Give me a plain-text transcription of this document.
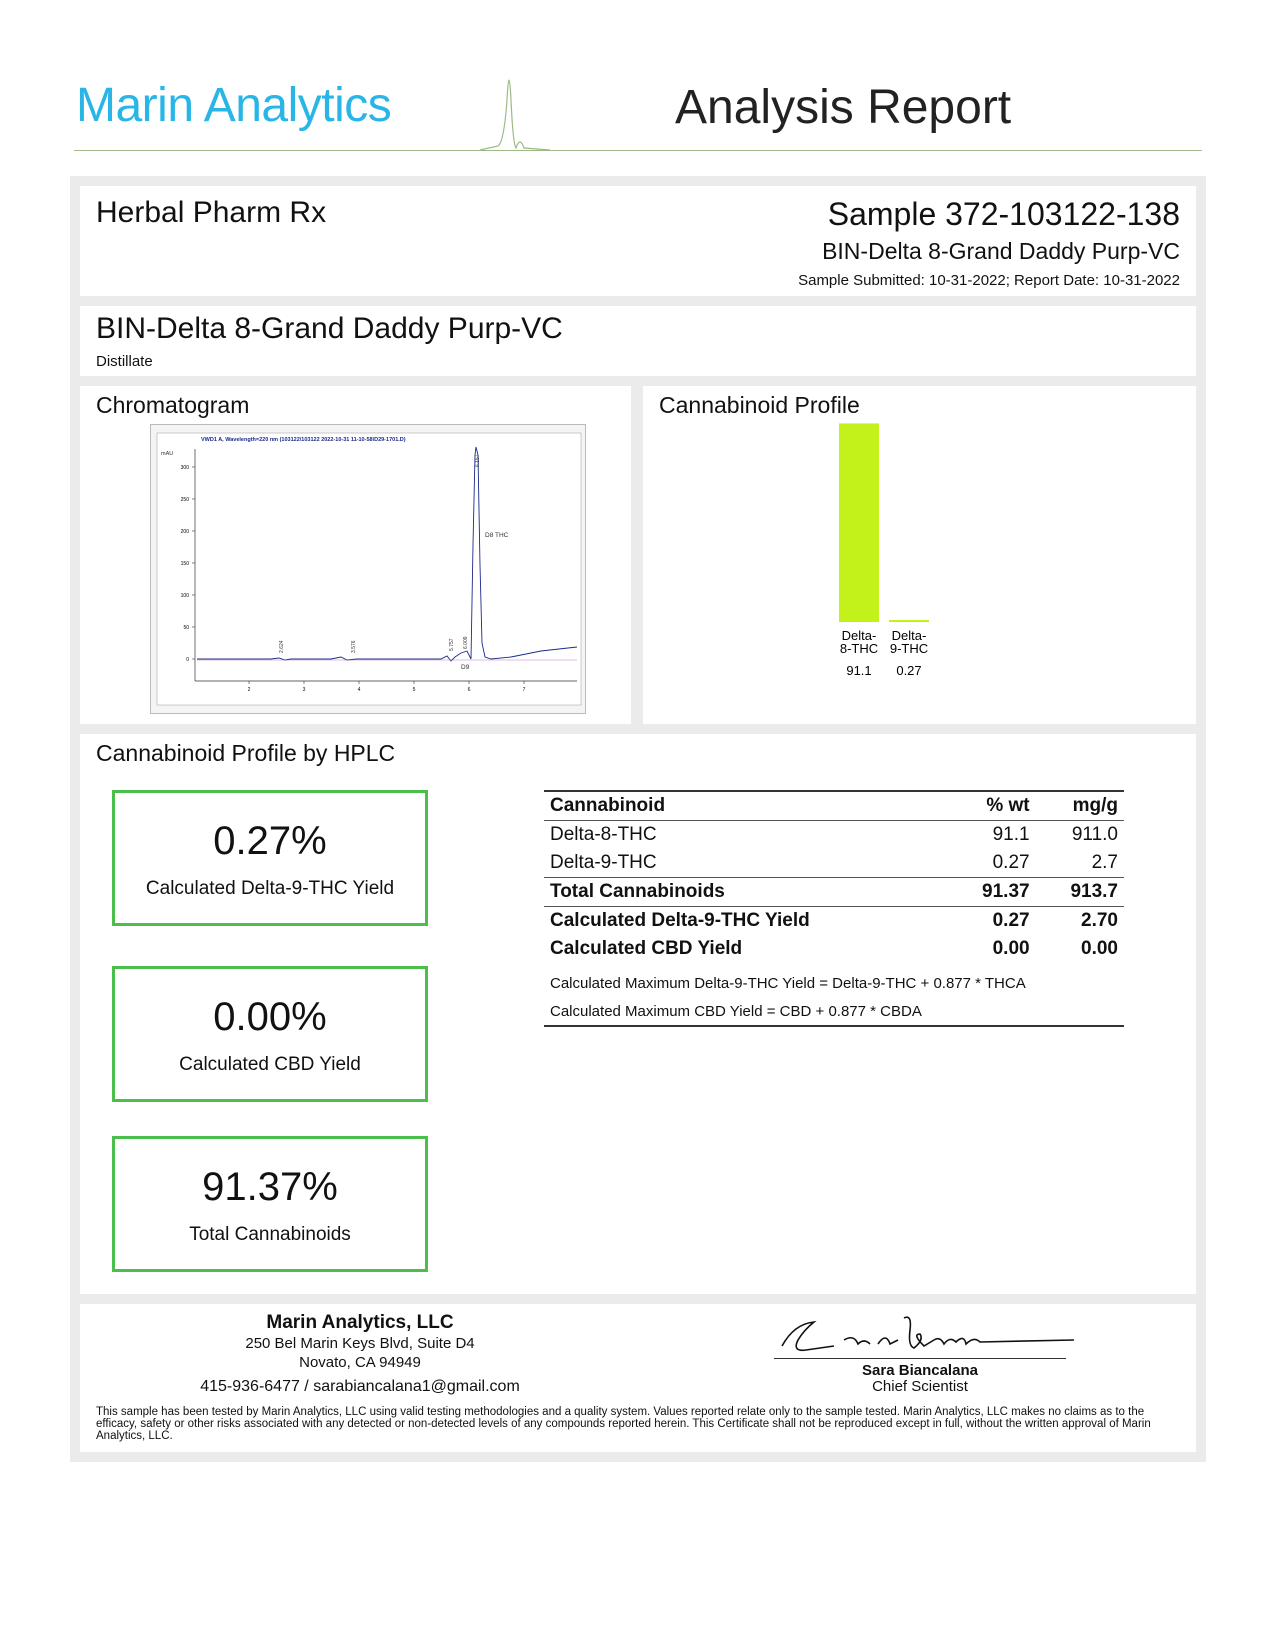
Marin Analytics	Analysis Report
Herbal Pharm Rx	Sample 372-103122-138
BIN-Delta 8-Grand Daddy Purp-VC
Sample Submitted: 10-31-2022; Report Date: 10-31-2022
BIN-Delta 8-Grand Daddy Purp-VC
Distillate
Chromatogram
VWD1 A, Wavelength=220 nm (103122\103122 2022-10-31 11-10-58\D29-1701.D)
mAU
300
250
200
150
100
50
0
2	3	4	5	6	7
D8 THC
D9
2.624	3.576	5.757 6.009
6.157
Cannabinoid Profile
Delta-
8-THC
91.1
Delta-
9-THC
0.27
Cannabinoid Profile by HPLC
0.27%
Calculated Delta-9-THC Yield
0.00%
Calculated CBD Yield
91.37%
Total Cannabinoids
Cannabinoid	% wt	mg/g
Delta-8-THC	91.1	911.0
Delta-9-THC	0.27	2.7
Total Cannabinoids	91.37	913.7
Calculated Delta-9-THC Yield	0.27	2.70
Calculated CBD Yield	0.00	0.00
Calculated Maximum Delta-9-THC Yield = Delta-9-THC + 0.877 * THCA		
Calculated Maximum CBD Yield = CBD + 0.877 * CBDA		
Marin Analytics, LLC
250 Bel Marin Keys Blvd, Suite D4
Novato, CA 94949
415-936-6477 / sarabiancalana1@gmail.com
Sara Biancalana
Chief Scientist
This sample has been tested by Marin Analytics, LLC using valid testing methodologies and a quality system. Values reported relate only to the sample tested. Marin Analytics, LLC makes no claims as to the efficacy, safety or other risks associated with any detected or non-detected levels of any compounds reported herein. This Certificate shall not be reproduced except in full, without the written approval of Marin Analytics, LLC.
